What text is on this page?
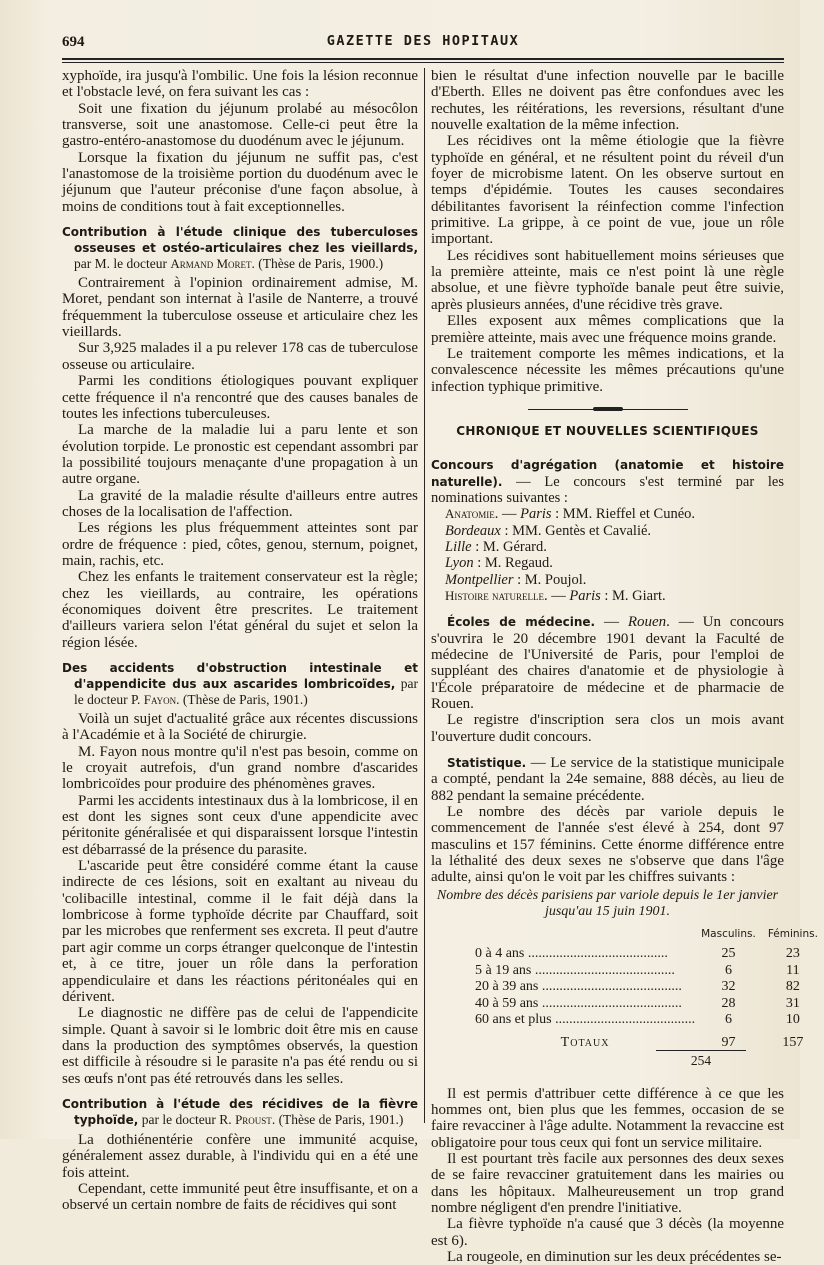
694	GAZETTE DES HOPITAUX

xyphoïde, ira jusqu'à l'ombilic. Une fois la lésion reconnue et l'obstacle levé, on fera suivant les cas :

Soit une fixation du jéjunum prolabé au mésocôlon transverse, soit une anastomose. Celle-ci peut être la gastro-entéro-anastomose du duodénum avec le jéjunum.

Lorsque la fixation du jéjunum ne suffit pas, c'est l'anastomose de la troisième portion du duodénum avec le jéjunum que l'auteur préconise d'une façon absolue, à moins de conditions tout à fait exceptionnelles.

Contribution à l'étude clinique des tuberculoses osseuses et ostéo-articulaires chez les vieillards, par M. le docteur Armand Moret. (Thèse de Paris, 1900.)

Contrairement à l'opinion ordinairement admise, M. Moret, pendant son internat à l'asile de Nanterre, a trouvé fréquemment la tuberculose osseuse et articulaire chez les vieillards.

Sur 3,925 malades il a pu relever 178 cas de tuberculose osseuse ou articulaire.

Parmi les conditions étiologiques pouvant expliquer cette fréquence il n'a rencontré que des causes banales de toutes les infections tuberculeuses.

La marche de la maladie lui a paru lente et son évolution torpide. Le pronostic est cependant assombri par la possibilité toujours menaçante d'une propagation à un autre organe.

La gravité de la maladie résulte d'ailleurs entre autres choses de la localisation de l'affection.

Les régions les plus fréquemment atteintes sont par ordre de fréquence : pied, côtes, genou, sternum, poignet, main, rachis, etc.

Chez les enfants le traitement conservateur est la règle; chez les vieillards, au contraire, les opérations économiques doivent être prescrites. Le traitement d'ailleurs variera selon l'état général du sujet et selon la région lésée.

Des accidents d'obstruction intestinale et d'appendicite dus aux ascarides lombricoïdes, par le docteur P. Fayon. (Thèse de Paris, 1901.)

Voilà un sujet d'actualité grâce aux récentes discussions à l'Académie et à la Société de chirurgie.

M. Fayon nous montre qu'il n'est pas besoin, comme on le croyait autrefois, d'un grand nombre d'ascarides lombricoïdes pour produire des phénomènes graves.

Parmi les accidents intestinaux dus à la lombricose, il en est dont les signes sont ceux d'une appendicite avec péritonite généralisée et qui disparaissent lorsque l'intestin est débarrassé de la présence du parasite.

L'ascaride peut être considéré comme étant la cause indirecte de ces lésions, soit en exaltant au niveau du 'colibacille intestinal, comme il le fait déjà dans la lombricose à forme typhoïde décrite par Chauffard, soit par les microbes que renferment ses excreta. Il peut d'autre part agir comme un corps étranger quelconque de l'intestin et, à ce titre, jouer un rôle dans la perforation appendiculaire et dans les réactions péritonéales qui en dérivent.

Le diagnostic ne diffère pas de celui de l'appendicite simple. Quant à savoir si le lombric doit être mis en cause dans la production des symptômes observés, la question est difficile à résoudre si le parasite n'a pas été rendu ou si ses œufs n'ont pas été retrouvés dans les selles.

Contribution à l'étude des récidives de la fièvre typhoïde, par le docteur R. Proust. (Thèse de Paris, 1901.)

La dothiénentérie confère une immunité acquise, généralement assez durable, à l'individu qui en a été une fois atteint.

Cependant, cette immunité peut être insuffisante, et on a observé un certain nombre de faits de récidives qui sont

bien le résultat d'une infection nouvelle par le bacille d'Eberth. Elles ne doivent pas être confondues avec les rechutes, les réitérations, les reversions, résultant d'une nouvelle exaltation de la même infection.

Les récidives ont la même étiologie que la fièvre typhoïde en général, et ne résultent point du réveil d'un foyer de microbisme latent. On les observe surtout en temps d'épidémie. Toutes les causes secondaires débilitantes favorisent la réinfection comme l'infection primitive. La grippe, à ce point de vue, joue un rôle important.

Les récidives sont habituellement moins sérieuses que la première atteinte, mais ce n'est point là une règle absolue, et une fièvre typhoïde banale peut être suivie, après plusieurs années, d'une récidive très grave.

Elles exposent aux mêmes complications que la première atteinte, mais avec une fréquence moins grande.

Le traitement comporte les mêmes indications, et la convalescence nécessite les mêmes précautions qu'une infection typhique primitive.

CHRONIQUE ET NOUVELLES SCIENTIFIQUES

Concours d'agrégation (anatomie et histoire naturelle). — Le concours s'est terminé par les nominations suivantes :

Anatomie. — Paris : MM. Rieffel et Cunéo.

Bordeaux : MM. Gentès et Cavalié.

Lille : M. Gérard.

Lyon : M. Regaud.

Montpellier : M. Poujol.

Histoire naturelle. — Paris : M. Giart.

Écoles de médecine. — Rouen. — Un concours s'ouvrira le 20 décembre 1901 devant la Faculté de médecine de l'Université de Paris, pour l'emploi de suppléant des chaires d'anatomie et de physiologie à l'École préparatoire de médecine et de pharmacie de Rouen.

Le registre d'inscription sera clos un mois avant l'ouverture dudit concours.

Statistique. — Le service de la statistique municipale a compté, pendant la 24e semaine, 888 décès, au lieu de 882 pendant la semaine précédente.

Le nombre des décès par variole depuis le commencement de l'année s'est élevé à 254, dont 97 masculins et 157 féminins. Cette énorme différence entre la léthalité des deux sexes ne s'observe que dans l'âge adulte, ainsi qu'on le voit par les chiffres suivants :

Nombre des décès parisiens par variole depuis le 1er janvier
jusqu'au 15 juin 1901.
	Masculins.	Féminins.
0 à 4 ans ........................................	25	23
5 à 19 ans ........................................	6	11
20 à 39 ans ........................................	32	82
40 à 59 ans ........................................	28	31
60 ans et plus ........................................	6	10
Totaux	97	157
254

Il est permis d'attribuer cette différence à ce que les hommes ont, bien plus que les femmes, occasion de se faire revacciner à l'âge adulte. Notamment la revaccine est obligatoire pour tous ceux qui font un service militaire.

Il est pourtant très facile aux personnes des deux sexes de se faire revacciner gratuitement dans les mairies ou dans les hôpitaux. Malheureusement un trop grand nombre négligent d'en prendre l'initiative.

La fièvre typhoïde n'a causé que 3 décès (la moyenne est 6).

La rougeole, en diminution sur les deux précédentes se-
